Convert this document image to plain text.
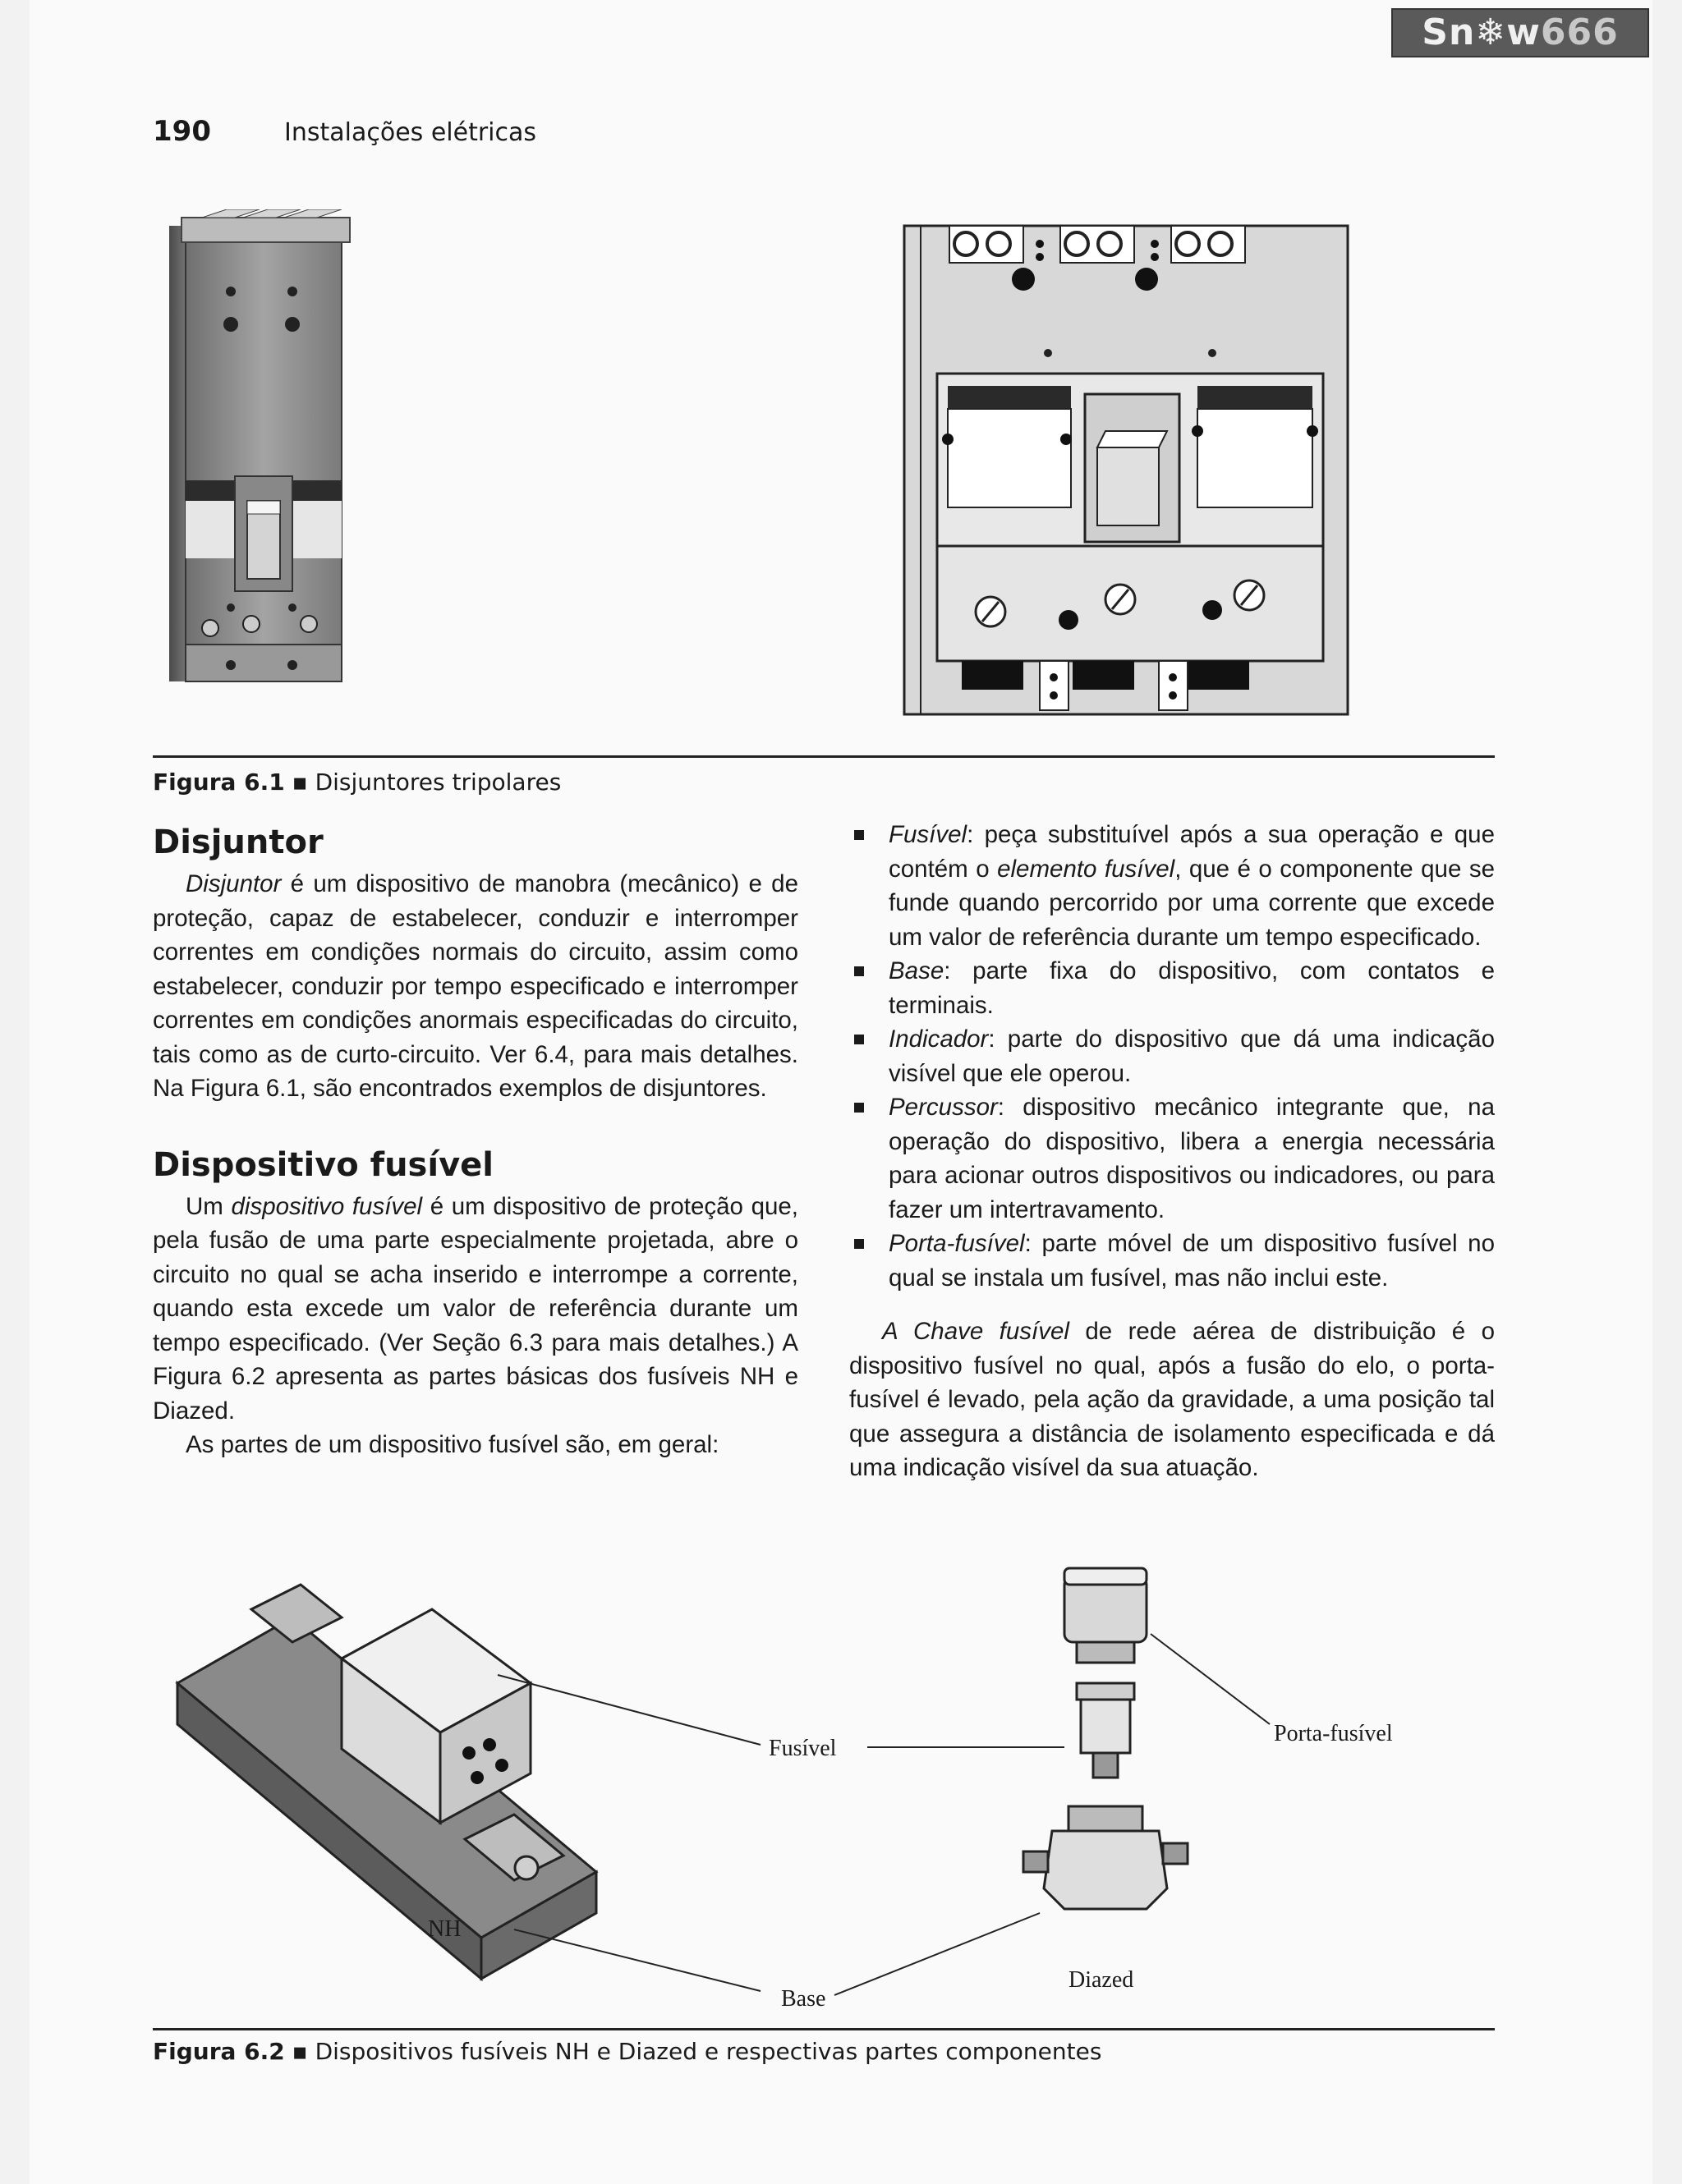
Sn❄w666
190	Instalações elétricas
Figura 6.1 ▪ Disjuntores tripolares
Disjuntor

Disjuntor é um dispositivo de manobra (mecânico) e de proteção, capaz de estabelecer, conduzir e interromper correntes em condições normais do circuito, assim como estabelecer, conduzir por tempo especificado e interromper correntes em condições anormais especificadas do circuito, tais como as de curto-circuito. Ver 6.4, para mais detalhes. Na Figura 6.1, são encontrados exemplos de disjuntores.

Dispositivo fusível

Um dispositivo fusível é um dispositivo de proteção que, pela fusão de uma parte especialmente projetada, abre o circuito no qual se acha inserido e interrompe a corrente, quando esta excede um valor de referência durante um tempo especificado. (Ver Seção 6.3 para mais detalhes.) A Figura 6.2 apresenta as partes básicas dos fusíveis NH e Diazed.

As partes de um dispositivo fusível são, em geral:

Fusível: peça substituível após a sua operação e que contém o elemento fusível, que é o componente que se funde quando percorrido por uma corrente que excede um valor de referência durante um tempo especificado.
Base: parte fixa do dispositivo, com contatos e terminais.
Indicador: parte do dispositivo que dá uma indicação visível que ele operou.
Percussor: dispositivo mecânico integrante que, na operação do dispositivo, libera a energia necessária para acionar outros dispositivos ou indicadores, ou para fazer um intertravamento.
Porta-fusível: parte móvel de um dispositivo fusível no qual se instala um fusível, mas não inclui este.

A Chave fusível de rede aérea de distribuição é o dispositivo fusível no qual, após a fusão do elo, o porta-fusível é levado, pela ação da gravidade, a uma posição tal que assegura a distância de isolamento especificada e dá uma indicação visível da sua atuação.

Fusível
Porta-fusível
NH
Base
Diazed
Figura 6.2 ▪ Dispositivos fusíveis NH e Diazed e respectivas partes componentes
